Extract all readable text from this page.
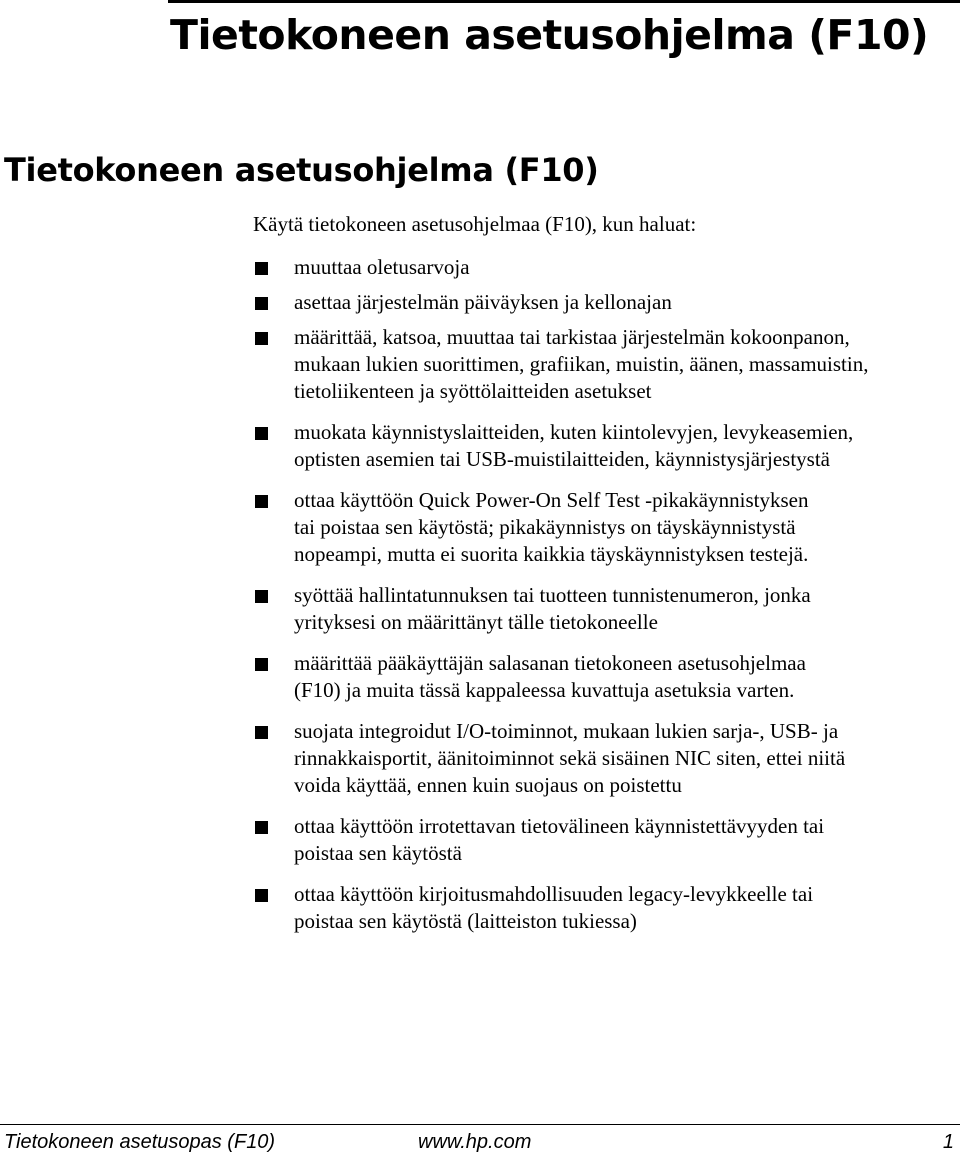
Tietokoneen asetusohjelma (F10)
Tietokoneen asetusohjelma (F10)

Käytä tietokoneen asetusohjelmaa (F10), kun haluat:

muuttaa oletusarvoja
asettaa järjestelmän päiväyksen ja kellonajan
määrittää, katsoa, muuttaa tai tarkistaa järjestelmän kokoonpanon,
mukaan lukien suorittimen, grafiikan, muistin, äänen, massamuistin,
tietoliikenteen ja syöttölaitteiden asetukset
muokata käynnistyslaitteiden, kuten kiintolevyjen, levykeasemien,
optisten asemien tai USB-muistilaitteiden, käynnistysjärjestystä
ottaa käyttöön Quick Power-On Self Test -pikakäynnistyksen
tai poistaa sen käytöstä; pikakäynnistys on täyskäynnistystä
nopeampi, mutta ei suorita kaikkia täyskäynnistyksen testejä.
syöttää hallintatunnuksen tai tuotteen tunnistenumeron, jonka
yrityksesi on määrittänyt tälle tietokoneelle
määrittää pääkäyttäjän salasanan tietokoneen asetusohjelmaa
(F10) ja muita tässä kappaleessa kuvattuja asetuksia varten.
suojata integroidut I/O-toiminnot, mukaan lukien sarja-, USB- ja
rinnakkaisportit, äänitoiminnot sekä sisäinen NIC siten, ettei niitä
voida käyttää, ennen kuin suojaus on poistettu
ottaa käyttöön irrotettavan tietovälineen käynnistettävyyden tai
poistaa sen käytöstä
ottaa käyttöön kirjoitusmahdollisuuden legacy-levykkeelle tai
poistaa sen käytöstä (laitteiston tukiessa)
Tietokoneen asetusopas (F10)	www.hp.com	1
